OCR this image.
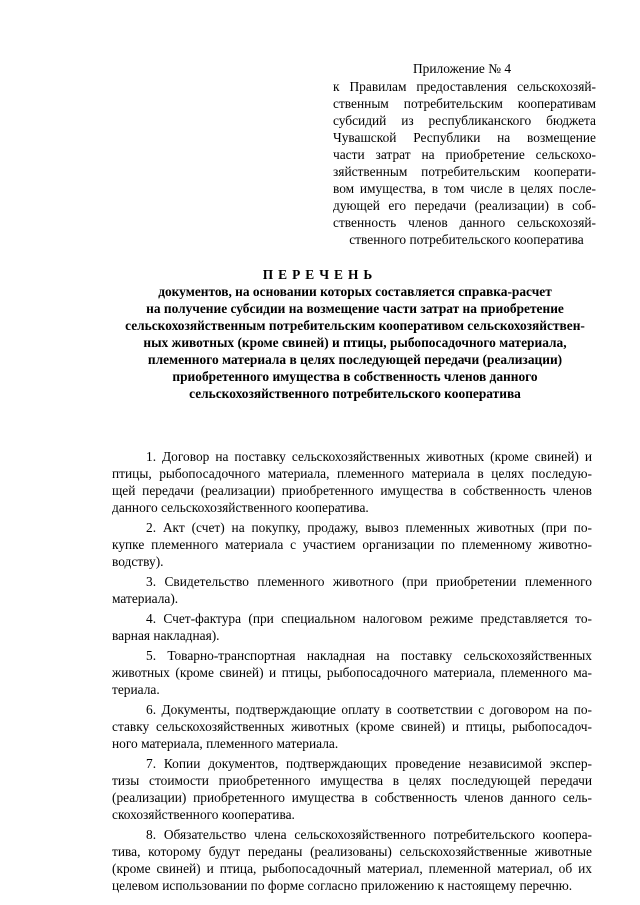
Приложение № 4
к Правилам предоставления сельскохозяй-
ственным потребительским кооперативам
субсидий из республиканского бюджета
Чувашской Республики на возмещение
части затрат на приобретение сельскохо-
зяйственным потребительским кооперати-
вом имущества, в том числе в целях после-
дующей его передачи (реализации) в соб-
ственность членов данного сельскохозяй-
ственного потребительского кооператива
ПЕРЕЧЕНЬ
документов, на основании которых составляется справка-расчет
на получение субсидии на возмещение части затрат на приобретение
сельскохозяйственным потребительским кооперативом сельскохозяйствен-
ных животных (кроме свиней) и птицы, рыбопосадочного материала,
племенного материала в целях последующей передачи (реализации)
приобретенного имущества в собственность членов данного
сельскохозяйственного потребительского кооператива
1. Договор на поставку сельскохозяйственных животных (кроме свиней) и
птицы, рыбопосадочного материала, племенного материала в целях последую-
щей передачи (реализации) приобретенного имущества в собственность членов
данного сельскохозяйственного кооператива.
2. Акт (счет) на покупку, продажу, вывоз племенных животных (при по-
купке племенного материала с участием организации по племенному животно-
водству).
3. Свидетельство племенного животного (при приобретении племенного
материала).
4. Счет-фактура (при специальном налоговом режиме представляется то-
варная накладная).
5. Товарно-транспортная накладная на поставку сельскохозяйственных
животных (кроме свиней) и птицы, рыбопосадочного материала, племенного ма-
териала.
6. Документы, подтверждающие оплату в соответствии с договором на по-
ставку сельскохозяйственных животных (кроме свиней) и птицы, рыбопосадоч-
ного материала, племенного материала.
7. Копии документов, подтверждающих проведение независимой экспер-
тизы стоимости приобретенного имущества в целях последующей передачи
(реализации) приобретенного имущества в собственность членов данного сель-
скохозяйственного кооператива.
8. Обязательство члена сельскохозяйственного потребительского коопера-
тива, которому будут переданы (реализованы) сельскохозяйственные животные
(кроме свиней) и птица, рыбопосадочный материал, племенной материал, об их
целевом использовании по форме согласно приложению к настоящему перечню.
